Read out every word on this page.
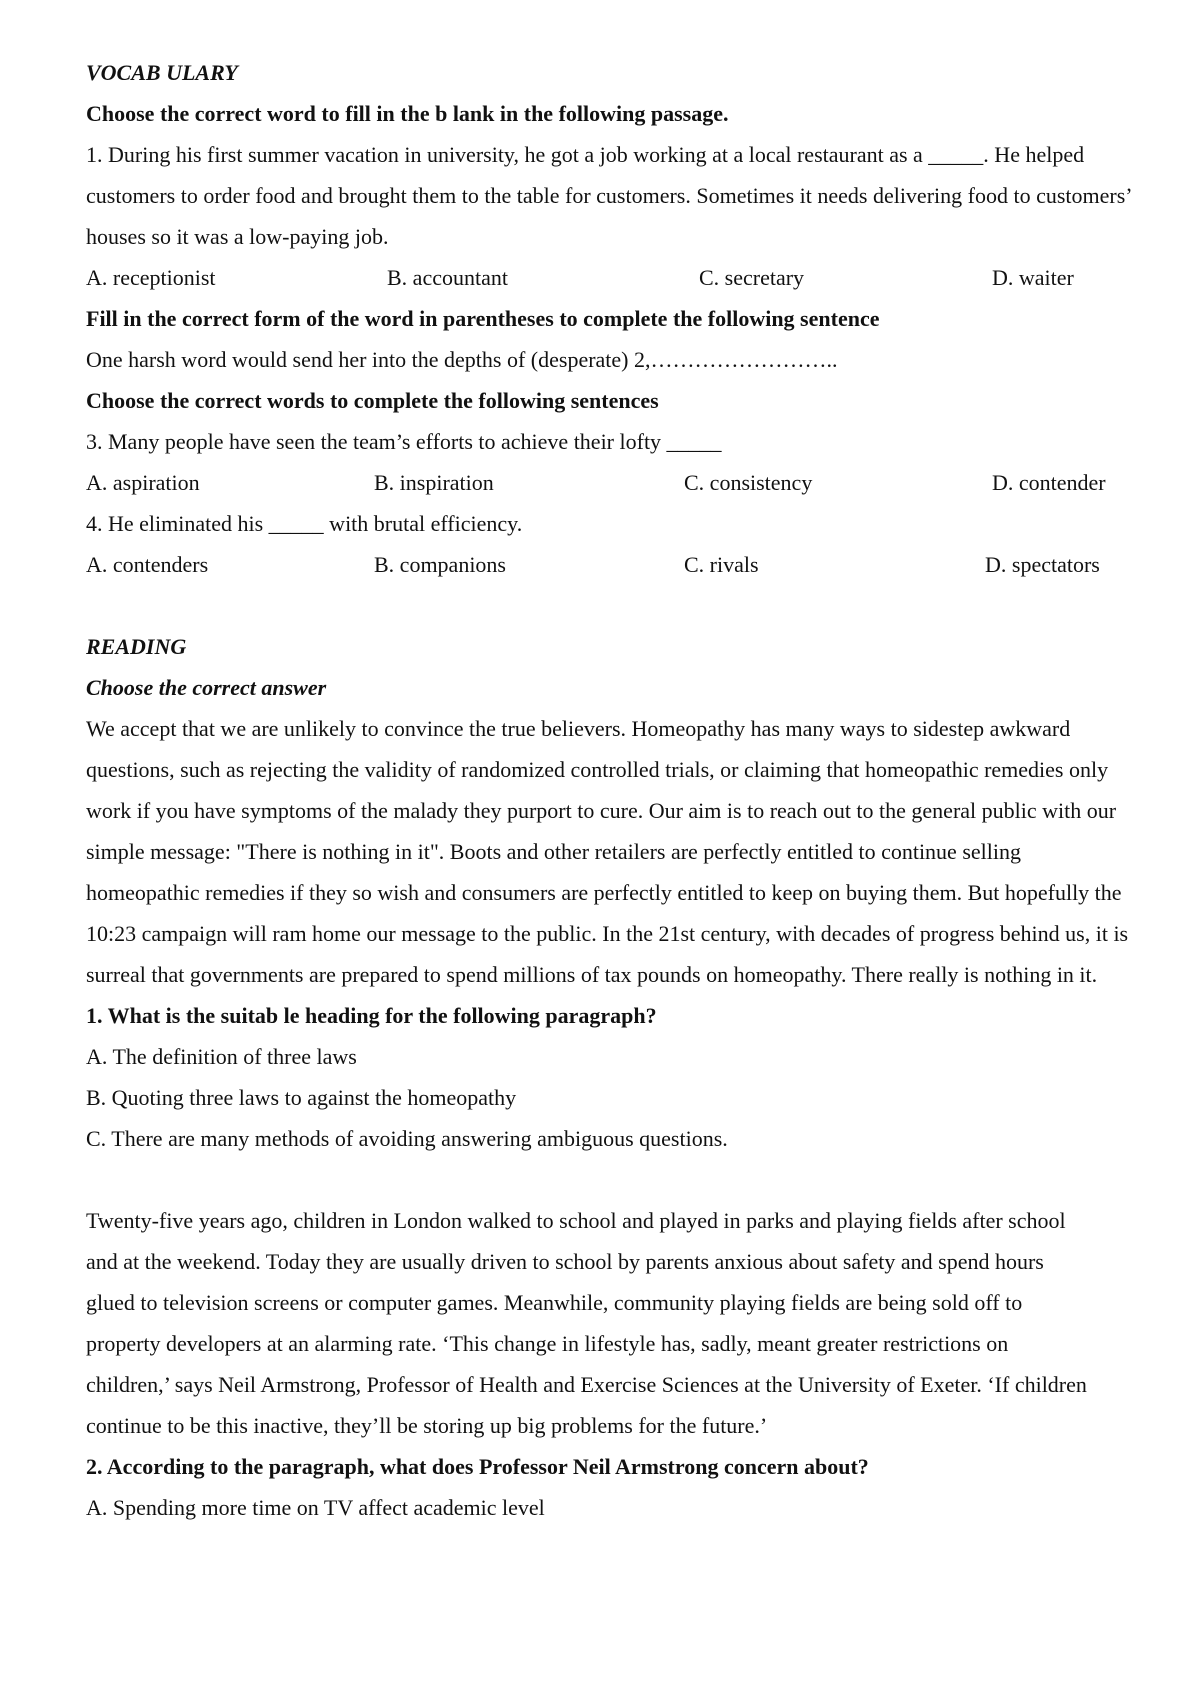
VOCAB ULARY

Choose the correct word to fill in the b lank in the following passage.

1. During his first summer vacation in university, he got a job working at a local restaurant as a _____. He helped customers to order food and brought them to the table for customers. Sometimes it needs delivering food to customers’ houses so it was a low-paying job.

A. receptionist	B. accountant	C. secretary	D. waiter

Fill in the correct form of the word in parentheses to complete the following sentence

One harsh word would send her into the depths of (desperate) 2,……………………..

Choose the correct words to complete the following sentences

3. Many people have seen the team’s efforts to achieve their lofty _____

A. aspiration	B. inspiration	C. consistency	D. contender

4. He eliminated his _____ with brutal efficiency.

A. contenders	B. companions	C. rivals	D. spectators

READING

Choose the correct answer

We accept that we are unlikely to convince the true believers. Homeopathy has many ways to sidestep awkward questions, such as rejecting the validity of randomized controlled trials, or claiming that homeopathic remedies only work if you have symptoms of the malady they purport to cure. Our aim is to reach out to the general public with our simple message: "There is nothing in it". Boots and other retailers are perfectly entitled to continue selling homeopathic remedies if they so wish and consumers are perfectly entitled to keep on buying them. But hopefully the 10:23 campaign will ram home our message to the public. In the 21st century, with decades of progress behind us, it is surreal that governments are prepared to spend millions of tax pounds on homeopathy. There really is nothing in it.

1. What is the suitab le heading for the following paragraph?

A. The definition of three laws

B. Quoting three laws to against the homeopathy

C. There are many methods of avoiding answering ambiguous questions.

Twenty-five years ago, children in London walked to school and played in parks and playing fields after school and at the weekend. Today they are usually driven to school by parents anxious about safety and spend hours glued to television screens or computer games. Meanwhile, community playing fields are being sold off to property developers at an alarming rate. ‘This change in lifestyle has, sadly, meant greater restrictions on children,’ says Neil Armstrong, Professor of Health and Exercise Sciences at the University of Exeter. ‘If children continue to be this inactive, they’ll be storing up big problems for the future.’

2. According to the paragraph, what does Professor Neil Armstrong concern about?

A. Spending more time on TV affect academic level
